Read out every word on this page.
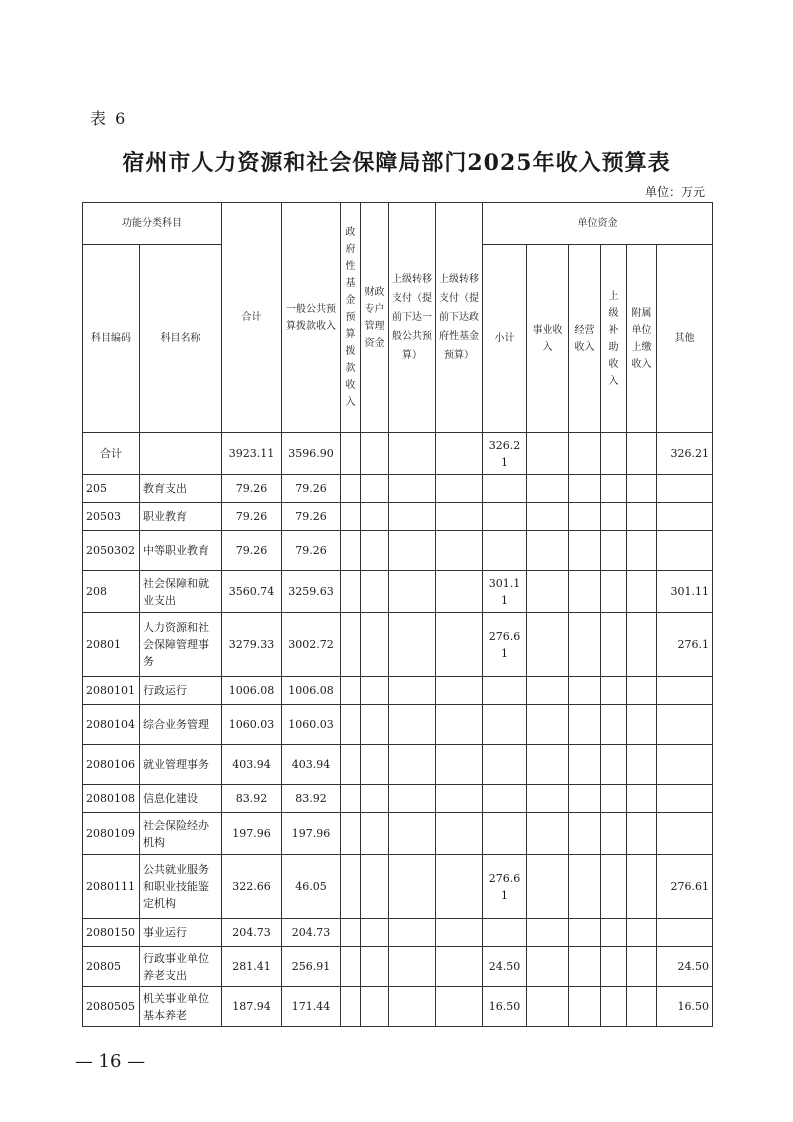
表 6
宿州市人力资源和社会保障局部门2025年收入预算表
单位：万元
功能分类科目		合计	一般公共预算拨款收入	政府性基金预算拨款收入	财政专户管理资金	上级转移支付（提前下达一般公共预算）	上级转移支付（提前下达政府性基金预算）	单位资金					
科目编码	科目名称							小计	事业收入	经营收入	上级补助收入	附属单位上缴收入	其他
合计		3923.11	3596.90					326.21					326.21
205	教育支出	79.26	79.26										
20503	职业教育	79.26	79.26										
2050302	中等职业教育	79.26	79.26										
208	社会保障和就业支出	3560.74	3259.63					301.11					301.11
20801	人力资源和社会保障管理事务	3279.33	3002.72					276.61					276.1
2080101	行政运行	1006.08	1006.08										
2080104	综合业务管理	1060.03	1060.03										
2080106	就业管理事务	403.94	403.94										
2080108	信息化建设	83.92	83.92										
2080109	社会保险经办机构	197.96	197.96										
2080111	公共就业服务和职业技能鉴定机构	322.66	46.05					276.61					276.61
2080150	事业运行	204.73	204.73										
20805	行政事业单位养老支出	281.41	256.91					24.50					24.50
2080505	机关事业单位基本养老	187.94	171.44					16.50					16.50
— 16 —
